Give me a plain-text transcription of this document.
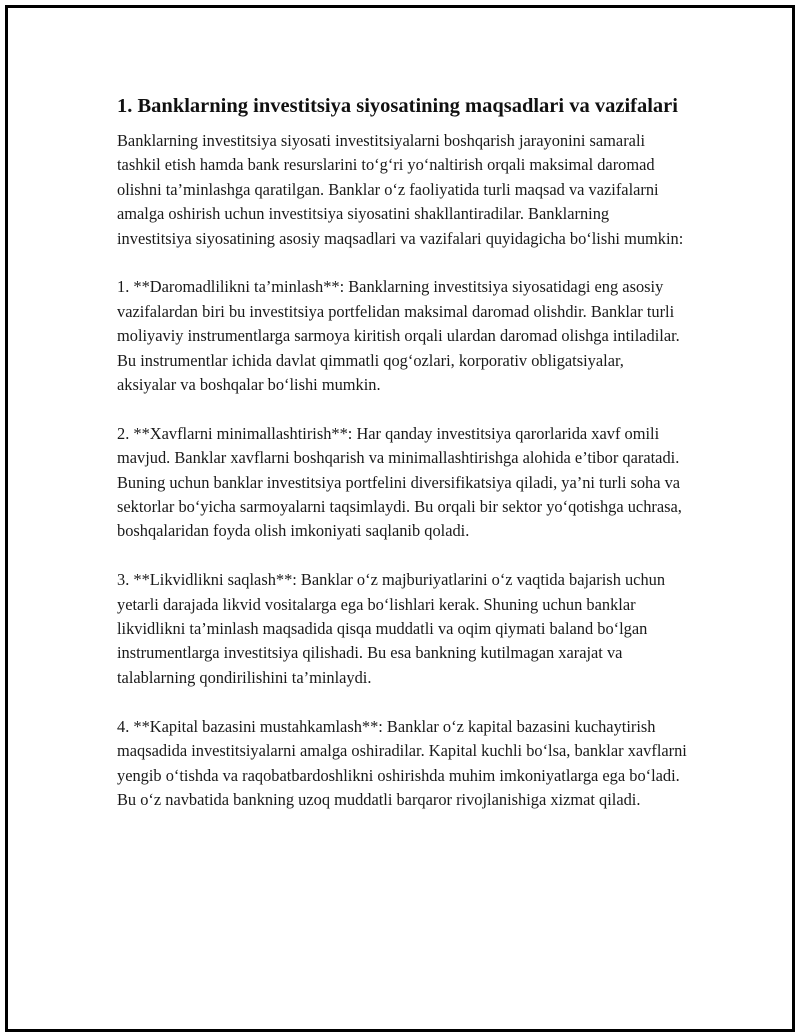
1. Banklarning investitsiya siyosatining maqsadlari va vazifalari

Banklarning investitsiya siyosati investitsiyalarni boshqarish jarayonini samarali tashkil etish hamda bank resurslarini to‘g‘ri yo‘naltirish orqali maksimal daromad olishni ta’minlashga qaratilgan. Banklar o‘z faoliyatida turli maqsad va vazifalarni amalga oshirish uchun investitsiya siyosatini shakllantiradilar. Banklarning investitsiya siyosatining asosiy maqsadlari va vazifalari quyidagicha bo‘lishi mumkin:

1. **Daromadlilikni ta’minlash**: Banklarning investitsiya siyosatidagi eng asosiy vazifalardan biri bu investitsiya portfelidan maksimal daromad olishdir. Banklar turli moliyaviy instrumentlarga sarmoya kiritish orqali ulardan daromad olishga intiladilar. Bu instrumentlar ichida davlat qimmatli qog‘ozlari, korporativ obligatsiyalar, aksiyalar va boshqalar bo‘lishi mumkin.

2. **Xavflarni minimallashtirish**: Har qanday investitsiya qarorlarida xavf omili mavjud. Banklar xavflarni boshqarish va minimallashtirishga alohida e’tibor qaratadi. Buning uchun banklar investitsiya portfelini diversifikatsiya qiladi, ya’ni turli soha va sektorlar bo‘yicha sarmoyalarni taqsimlaydi. Bu orqali bir sektor yo‘qotishga uchrasa, boshqalaridan foyda olish imkoniyati saqlanib qoladi.

3. **Likvidlikni saqlash**: Banklar o‘z majburiyatlarini o‘z vaqtida bajarish uchun yetarli darajada likvid vositalarga ega bo‘lishlari kerak. Shuning uchun banklar likvidlikni ta’minlash maqsadida qisqa muddatli va oqim qiymati baland bo‘lgan instrumentlarga investitsiya qilishadi. Bu esa bankning kutilmagan xarajat va talablarning qondirilishini ta’minlaydi.

4. **Kapital bazasini mustahkamlash**: Banklar o‘z kapital bazasini kuchaytirish maqsadida investitsiyalarni amalga oshiradilar. Kapital kuchli bo‘lsa, banklar xavflarni yengib o‘tishda va raqobatbardoshlikni oshirishda muhim imkoniyatlarga ega bo‘ladi. Bu o‘z navbatida bankning uzoq muddatli barqaror rivojlanishiga xizmat qiladi.
